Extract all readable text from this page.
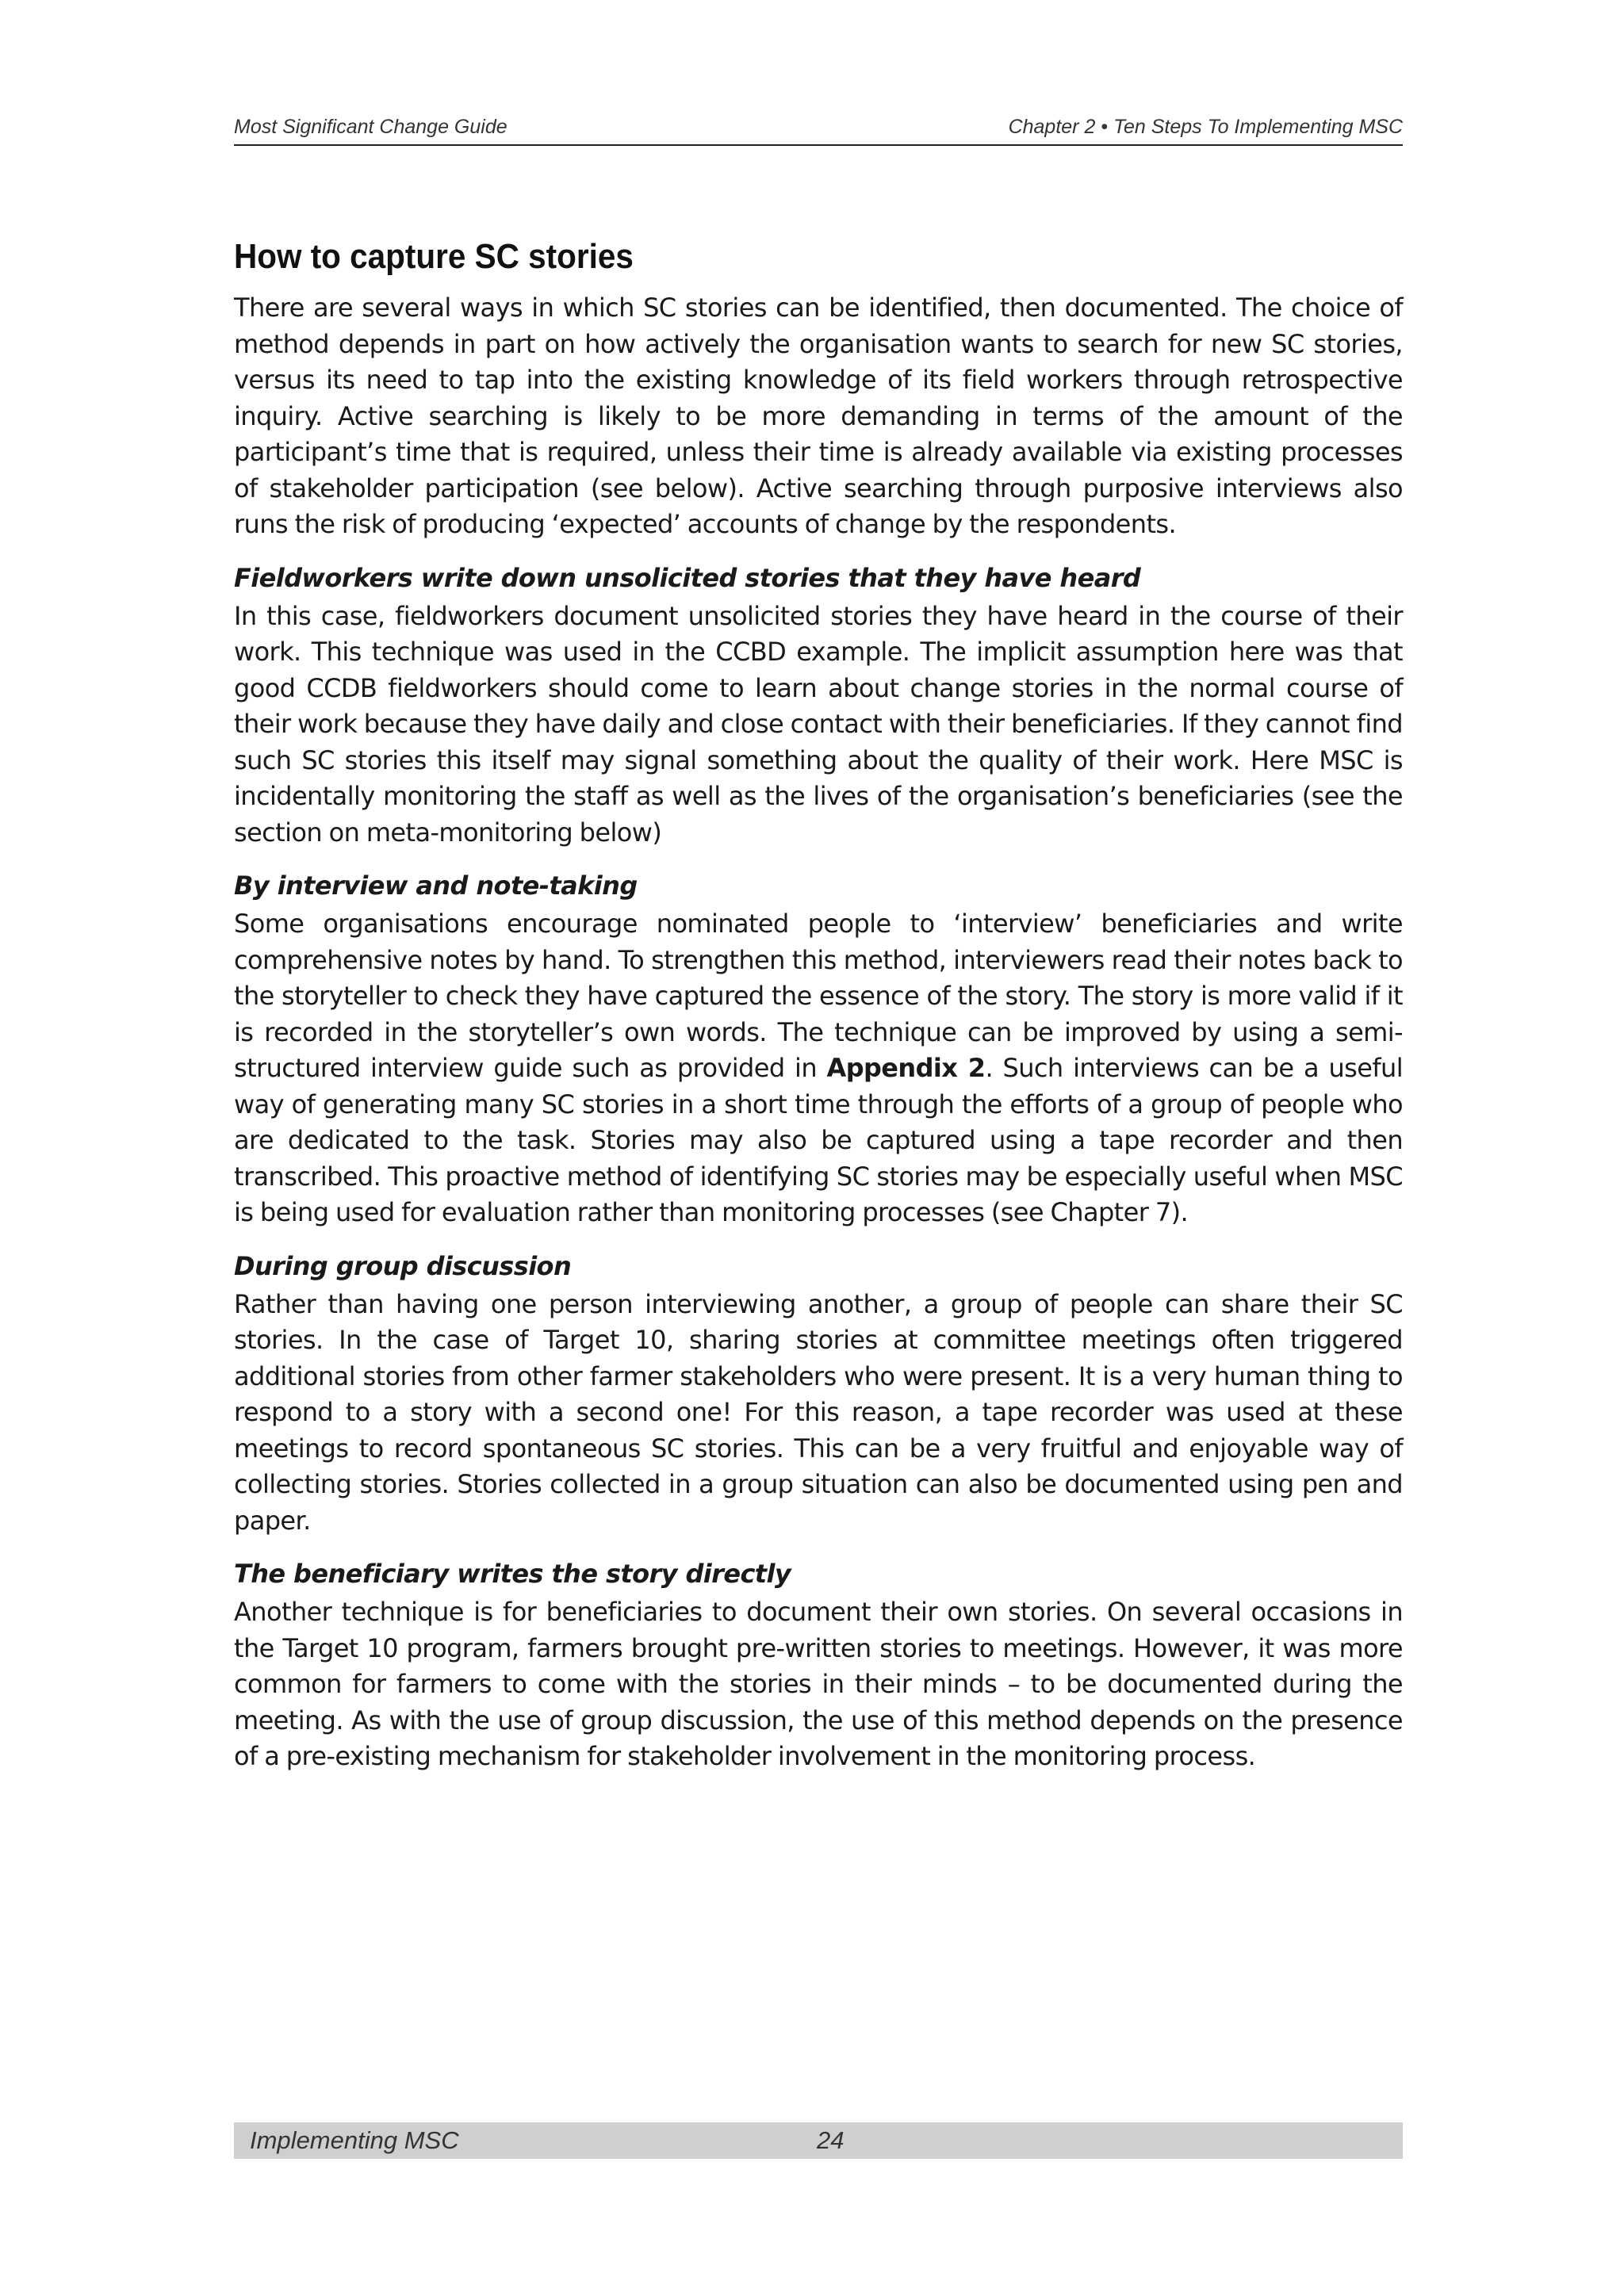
Most Significant Change Guide	Chapter 2 • Ten Steps To Implementing MSC
How to capture SC stories

There are several ways in which SC stories can be identified, then documented. The choice of method depends in part on how actively the organisation wants to search for new SC stories, versus its need to tap into the existing knowledge of its field workers through retrospective inquiry. Active searching is likely to be more demanding in terms of the amount of the participant’s time that is required, unless their time is already available via existing processes of stakeholder participation (see below). Active searching through purposive interviews also runs the risk of producing ‘expected’ accounts of change by the respondents.

Fieldworkers write down unsolicited stories that they have heard

In this case, fieldworkers document unsolicited stories they have heard in the course of their work. This technique was used in the CCBD example. The implicit assumption here was that good CCDB fieldworkers should come to learn about change stories in the normal course of their work because they have daily and close contact with their beneficiaries. If they cannot find such SC stories this itself may signal something about the quality of their work. Here MSC is incidentally monitoring the staff as well as the lives of the organisation’s beneficiaries (see the section on meta-monitoring below)

By interview and note-taking

Some organisations encourage nominated people to ‘interview’ beneficiaries and write comprehensive notes by hand. To strengthen this method, interviewers read their notes back to the storyteller to check they have captured the essence of the story. The story is more valid if it is recorded in the storyteller’s own words. The technique can be improved by using a semi-structured interview guide such as provided in Appendix 2. Such interviews can be a useful way of generating many SC stories in a short time through the efforts of a group of people who are dedicated to the task. Stories may also be captured using a tape recorder and then transcribed. This proactive method of identifying SC stories may be especially useful when MSC is being used for evaluation rather than monitoring processes (see Chapter 7).

During group discussion

Rather than having one person interviewing another, a group of people can share their SC stories. In the case of Target 10, sharing stories at committee meetings often triggered additional stories from other farmer stakeholders who were present. It is a very human thing to respond to a story with a second one! For this reason, a tape recorder was used at these meetings to record spontaneous SC stories. This can be a very fruitful and enjoyable way of collecting stories. Stories collected in a group situation can also be documented using pen and paper.

The beneficiary writes the story directly

Another technique is for beneficiaries to document their own stories. On several occasions in the Target 10 program, farmers brought pre-written stories to meetings. However, it was more common for farmers to come with the stories in their minds – to be documented during the meeting. As with the use of group discussion, the use of this method depends on the presence of a pre-existing mechanism for stakeholder involvement in the monitoring process.

Implementing MSC	24
